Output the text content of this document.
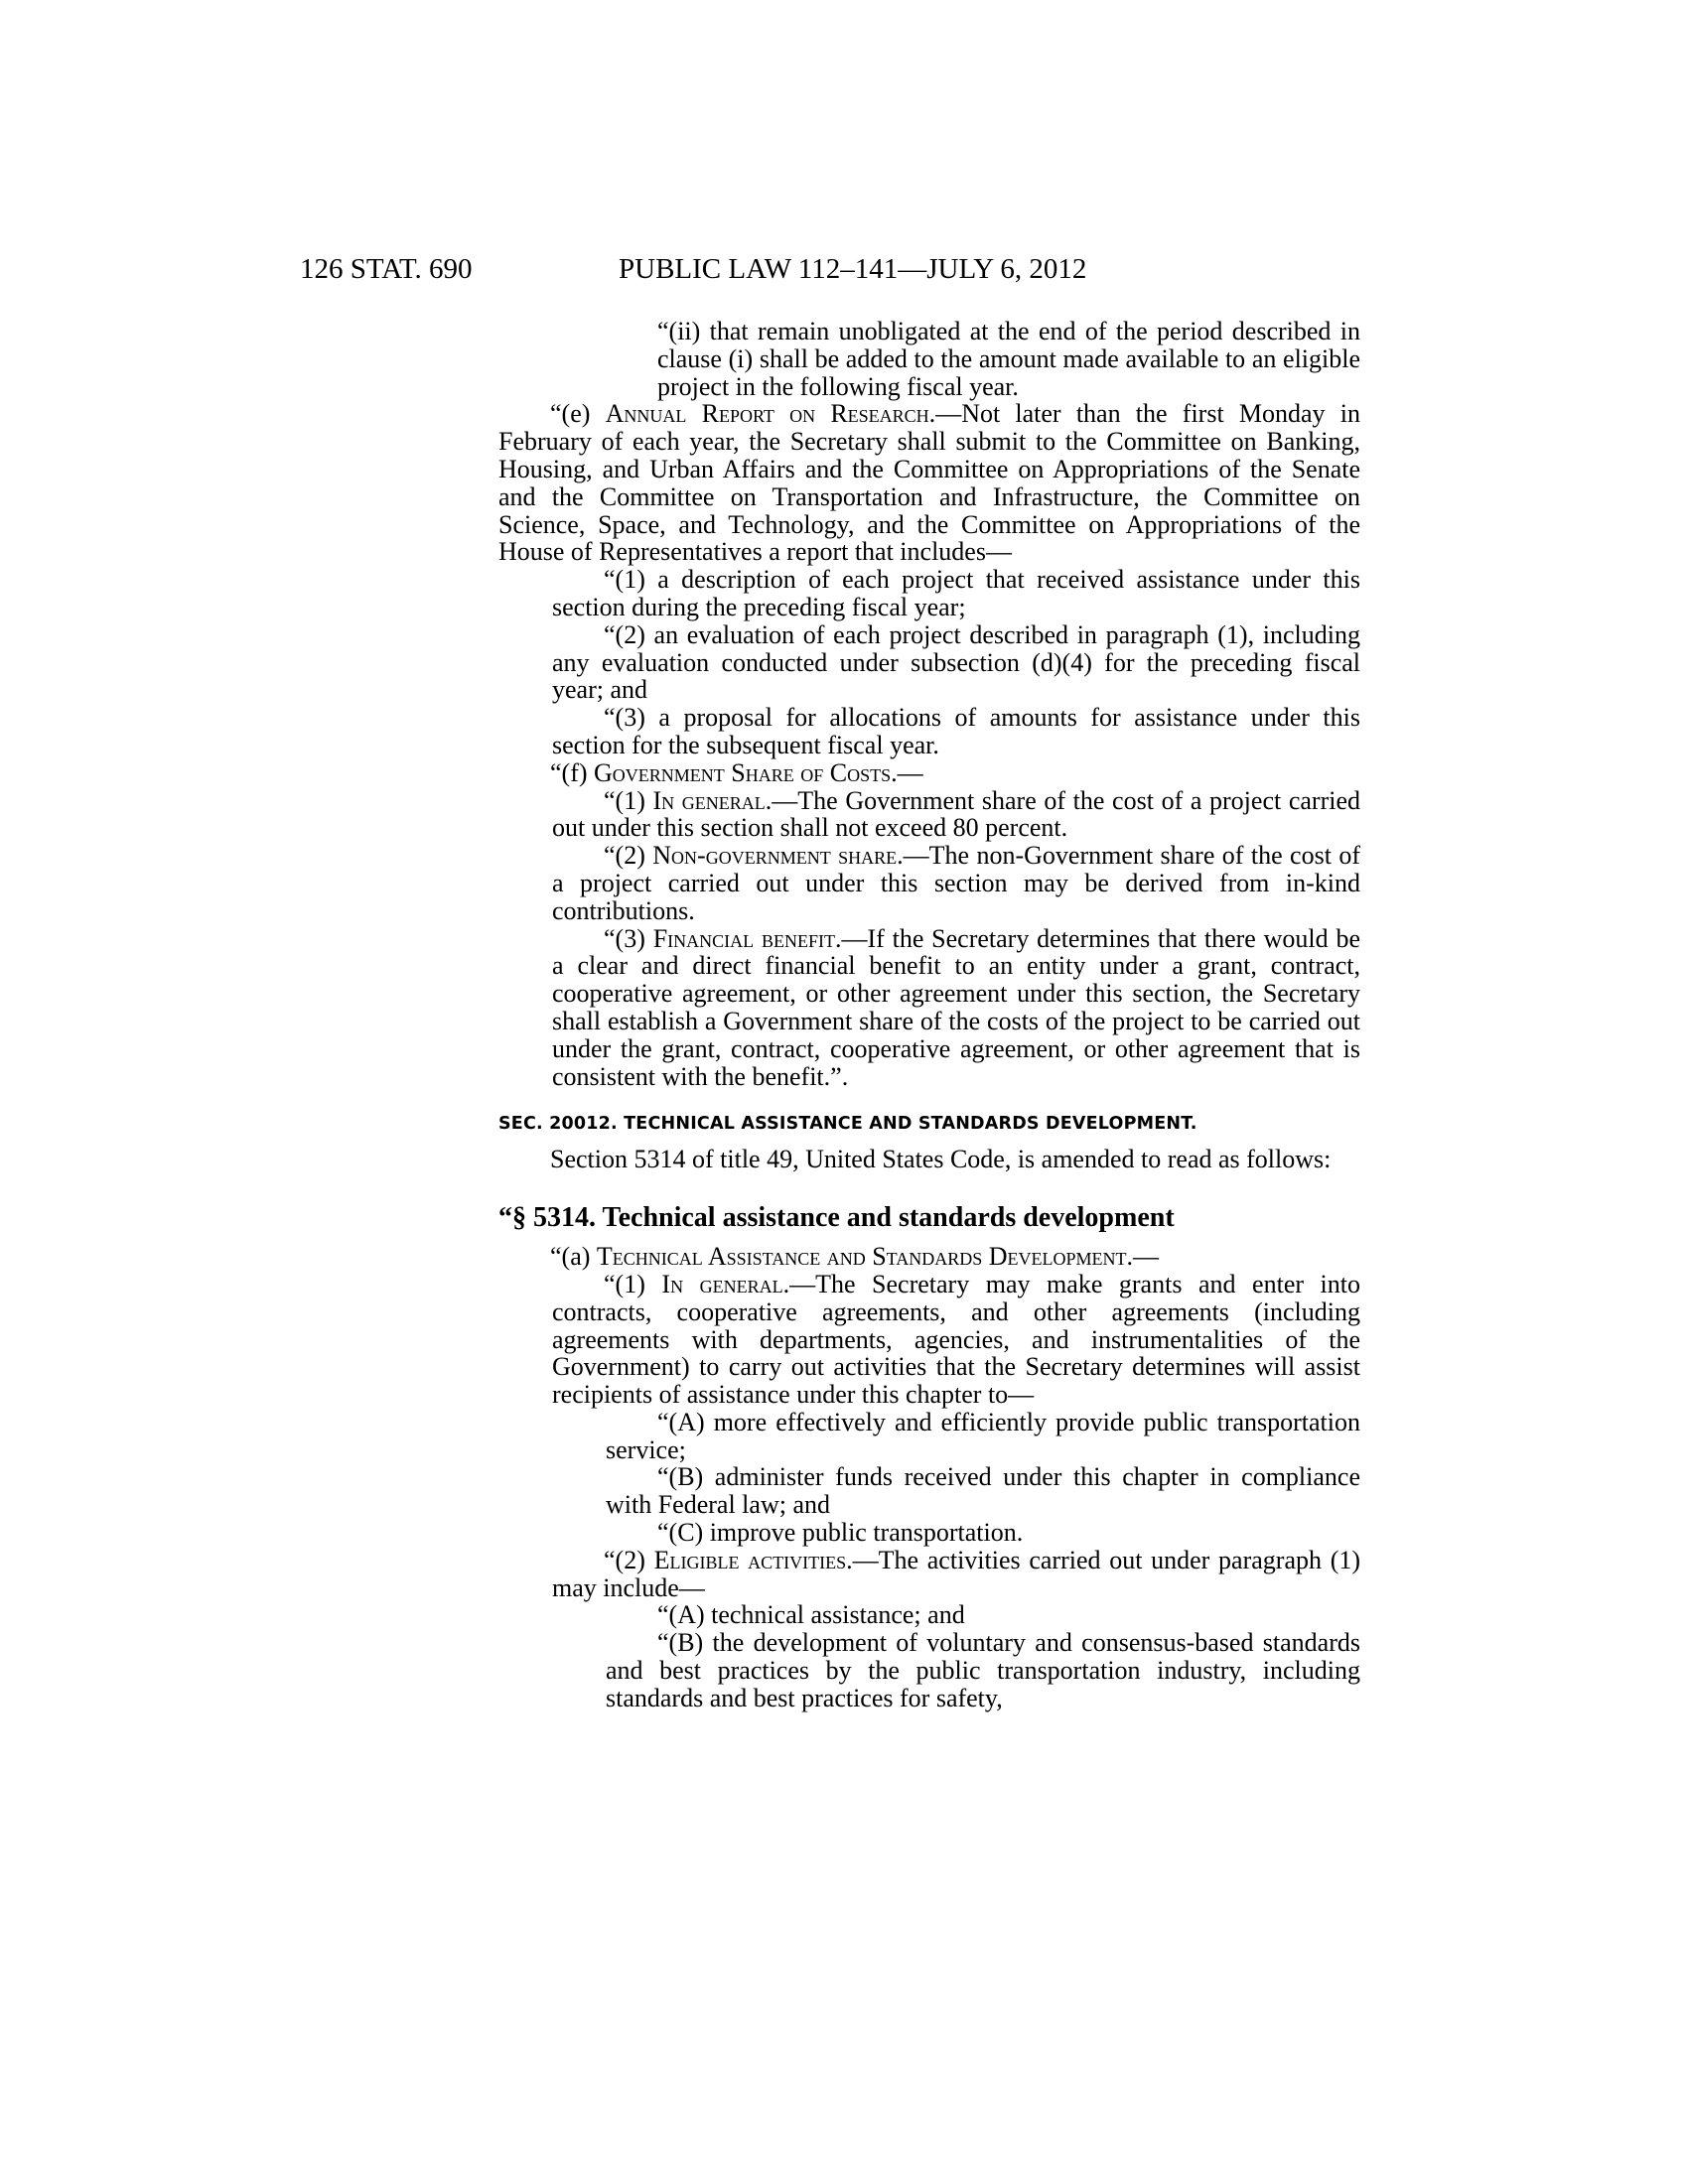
126 STAT. 690	PUBLIC LAW 112–141—JULY 6, 2012

“(ii) that remain unobligated at the end of the period described in clause (i) shall be added to the amount made available to an eligible project in the following fiscal year.

“(e) Annual Report on Research.—Not later than the first Monday in February of each year, the Secretary shall submit to the Committee on Banking, Housing, and Urban Affairs and the Committee on Appropriations of the Senate and the Committee on Transportation and Infrastructure, the Committee on Science, Space, and Technology, and the Committee on Appropriations of the House of Representatives a report that includes—

“(1) a description of each project that received assistance under this section during the preceding fiscal year;

“(2) an evaluation of each project described in paragraph (1), including any evaluation conducted under subsection (d)(4) for the preceding fiscal year; and

“(3) a proposal for allocations of amounts for assistance under this section for the subsequent fiscal year.

“(f) Government Share of Costs.—

“(1) In general.—The Government share of the cost of a project carried out under this section shall not exceed 80 percent.

“(2) Non-government share.—The non-Government share of the cost of a project carried out under this section may be derived from in-kind contributions.

“(3) Financial benefit.—If the Secretary determines that there would be a clear and direct financial benefit to an entity under a grant, contract, cooperative agreement, or other agreement under this section, the Secretary shall establish a Government share of the costs of the project to be carried out under the grant, contract, cooperative agreement, or other agreement that is consistent with the benefit.”.

SEC. 20012. TECHNICAL ASSISTANCE AND STANDARDS DEVELOPMENT.

Section 5314 of title 49, United States Code, is amended to read as follows:

“§ 5314. Technical assistance and standards development

“(a) Technical Assistance and Standards Development.—

“(1) In general.—The Secretary may make grants and enter into contracts, cooperative agreements, and other agreements (including agreements with departments, agencies, and instrumentalities of the Government) to carry out activities that the Secretary determines will assist recipients of assistance under this chapter to—

“(A) more effectively and efficiently provide public transportation service;

“(B) administer funds received under this chapter in compliance with Federal law; and

“(C) improve public transportation.

“(2) Eligible activities.—The activities carried out under paragraph (1) may include—

“(A) technical assistance; and

“(B) the development of voluntary and consensus-based standards and best practices by the public transportation industry, including standards and best practices for safety,
